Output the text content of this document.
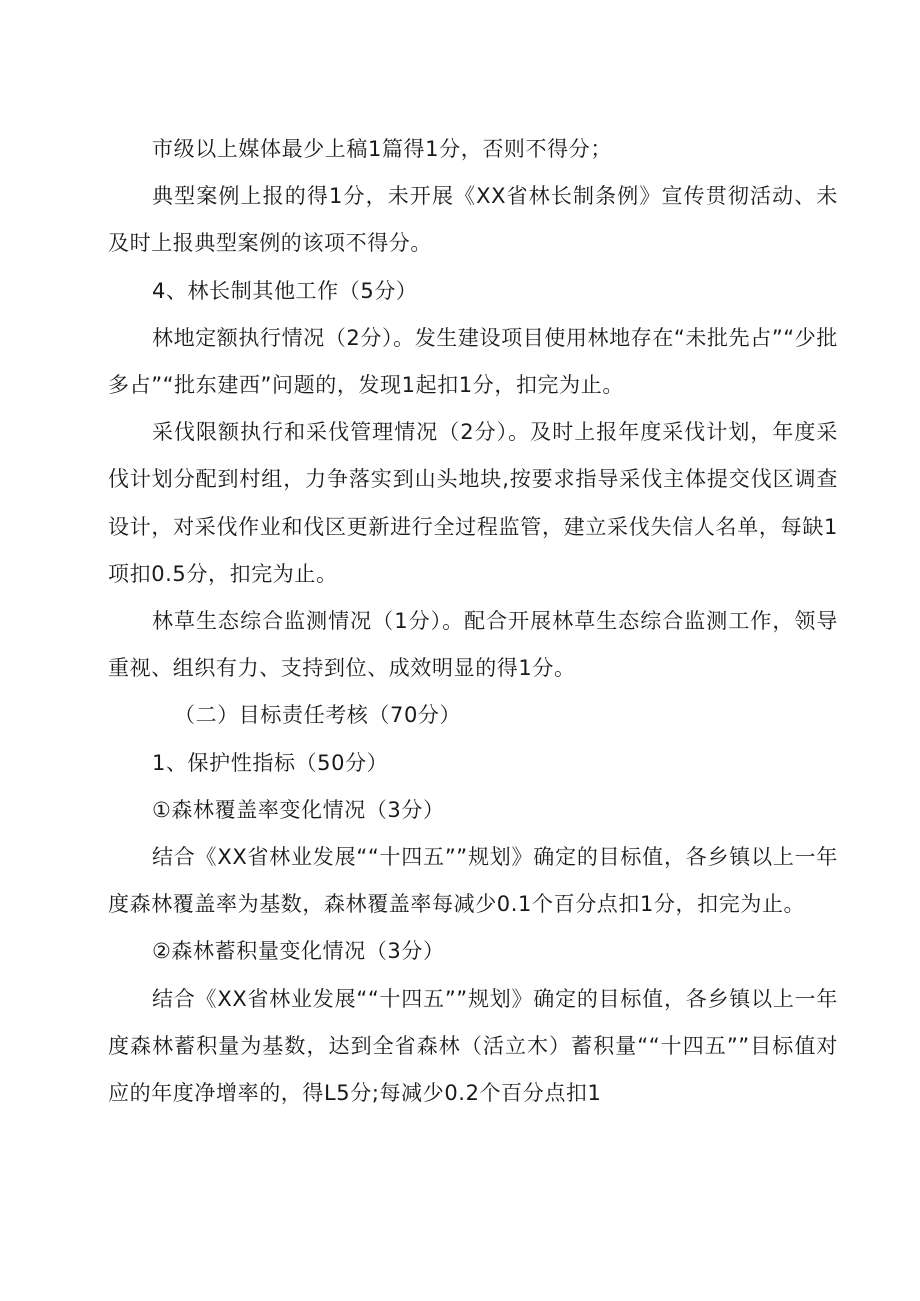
市级以上媒体最少上稿1篇得1分，否则不得分；

典型案例上报的得1分，未开展《XX省林长制条例》宣传贯彻活动、未及时上报典型案例的该项不得分。

4、林长制其他工作（5分）

林地定额执行情况（2分）。发生建设项目使用林地存在“未批先占”“少批多占”“批东建西”问题的，发现1起扣1分，扣完为止。

采伐限额执行和采伐管理情况（2分）。及时上报年度采伐计划，年度采伐计划分配到村组，力争落实到山头地块,按要求指导采伐主体提交伐区调查设计，对采伐作业和伐区更新进行全过程监管，建立采伐失信人名单，每缺1项扣0.5分，扣完为止。

林草生态综合监测情况（1分）。配合开展林草生态综合监测工作，领导重视、组织有力、支持到位、成效明显的得1分。

（二）目标责任考核（70分）

1、保护性指标（50分）

①森林覆盖率变化情况（3分）

结合《XX省林业发展““十四五””规划》确定的目标值，各乡镇以上一年度森林覆盖率为基数，森林覆盖率每减少0.1个百分点扣1分，扣完为止。

②森林蓄积量变化情况（3分）

结合《XX省林业发展““十四五””规划》确定的目标值，各乡镇以上一年度森林蓄积量为基数，达到全省森林（活立木）蓄积量““十四五””目标值对应的年度净增率的，得L5分;每减少0.2个百分点扣1
